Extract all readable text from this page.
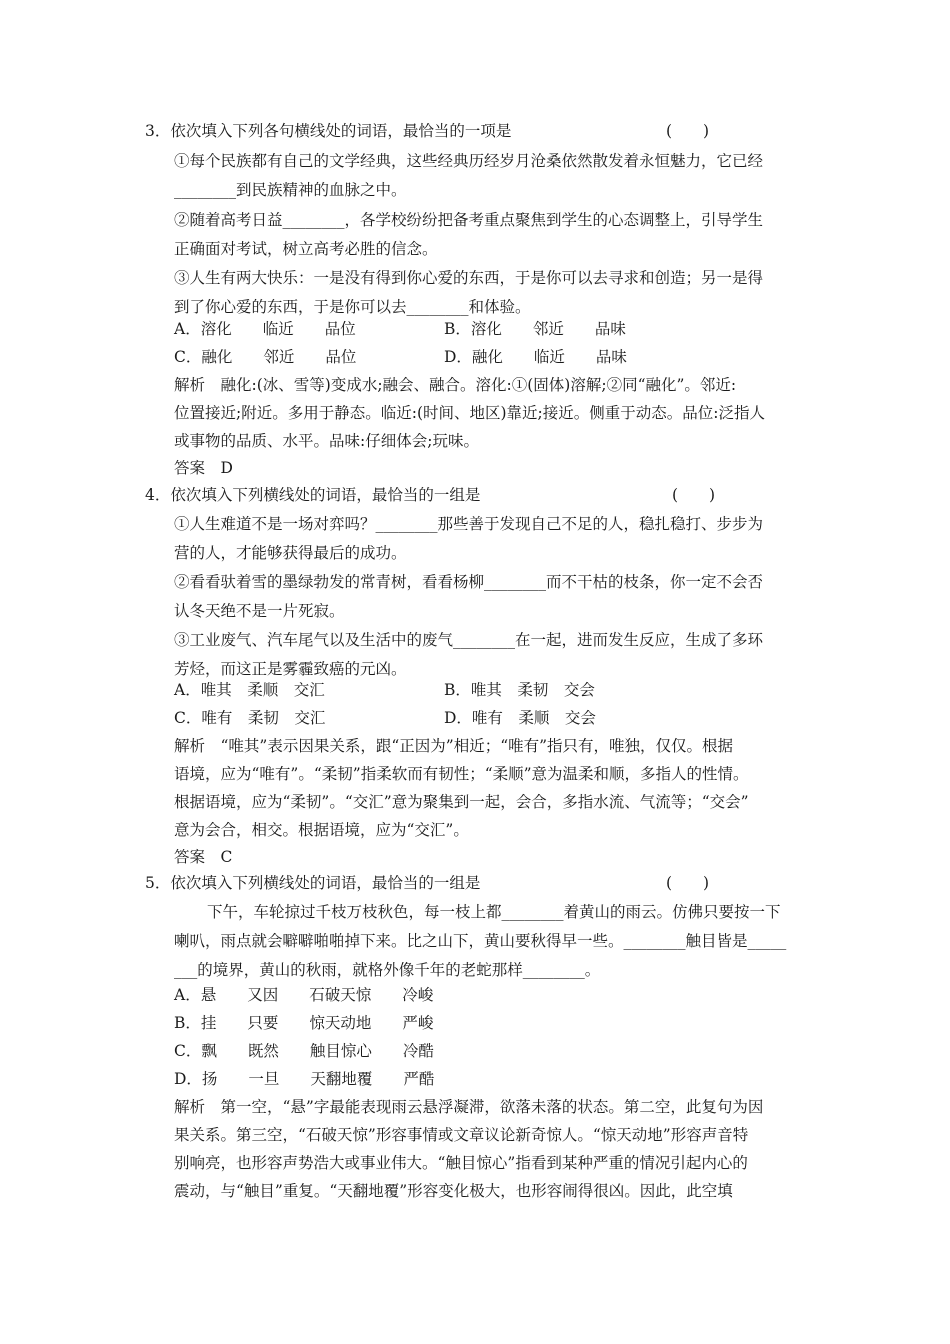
3．依次填入下列各句横线处的词语，最恰当的一项是	(　　)
①每个民族都有自己的文学经典，这些经典历经岁月沧桑依然散发着永恒魅力，它已经
________到民族精神的血脉之中。
②随着高考日益________，各学校纷纷把备考重点聚焦到学生的心态调整上，引导学生
正确面对考试，树立高考必胜的信念。
③人生有两大快乐：一是没有得到你心爱的东西，于是你可以去寻求和创造；另一是得
到了你心爱的东西，于是你可以去________和体验。
A．溶化　　临近　　品位	B．溶化　　邻近　　品味
C．融化　　邻近　　品位	D．融化　　临近　　品味
解析　融化:(冰、雪等)变成水;融会、融合。溶化:①(固体)溶解;②同“融化”。邻近:
位置接近;附近。多用于静态。临近:(时间、地区)靠近;接近。侧重于动态。品位:泛指人
或事物的品质、水平。品味:仔细体会;玩味。
答案　D
4．依次填入下列横线处的词语，最恰当的一组是	(　　)
①人生难道不是一场对弈吗？________那些善于发现自己不足的人，稳扎稳打、步步为
营的人，才能够获得最后的成功。
②看看驮着雪的墨绿勃发的常青树，看看杨柳________而不干枯的枝条，你一定不会否
认冬天绝不是一片死寂。
③工业废气、汽车尾气以及生活中的废气________在一起，进而发生反应，生成了多环
芳烃，而这正是雾霾致癌的元凶。
A．唯其　柔顺　交汇	B．唯其　柔韧　交会
C．唯有　柔韧　交汇	D．唯有　柔顺　交会
解析　“唯其”表示因果关系，跟“正因为”相近；“唯有”指只有，唯独，仅仅。根据
语境，应为“唯有”。“柔韧”指柔软而有韧性；“柔顺”意为温柔和顺，多指人的性情。
根据语境，应为“柔韧”。“交汇”意为聚集到一起，会合，多指水流、气流等；“交会”
意为会合，相交。根据语境，应为“交汇”。
答案　C
5．依次填入下列横线处的词语，最恰当的一组是	(　　)
下午，车轮掠过千枝万枝秋色，每一枝上都________着黄山的雨云。仿佛只要按一下
喇叭，雨点就会噼噼啪啪掉下来。比之山下，黄山要秋得早一些。________触目皆是_____
___的境界，黄山的秋雨，就格外像千年的老蛇那样________。
A．悬　　又因　　石破天惊　　冷峻
B．挂　　只要　　惊天动地　　严峻
C．飘　　既然　　触目惊心　　冷酷
D．扬　　一旦　　天翻地覆　　严酷
解析　第一空，“悬”字最能表现雨云悬浮凝滞，欲落未落的状态。第二空，此复句为因
果关系。第三空，“石破天惊”形容事情或文章议论新奇惊人。“惊天动地”形容声音特
别响亮，也形容声势浩大或事业伟大。“触目惊心”指看到某种严重的情况引起内心的
震动，与“触目”重复。“天翻地覆”形容变化极大，也形容闹得很凶。因此，此空填
